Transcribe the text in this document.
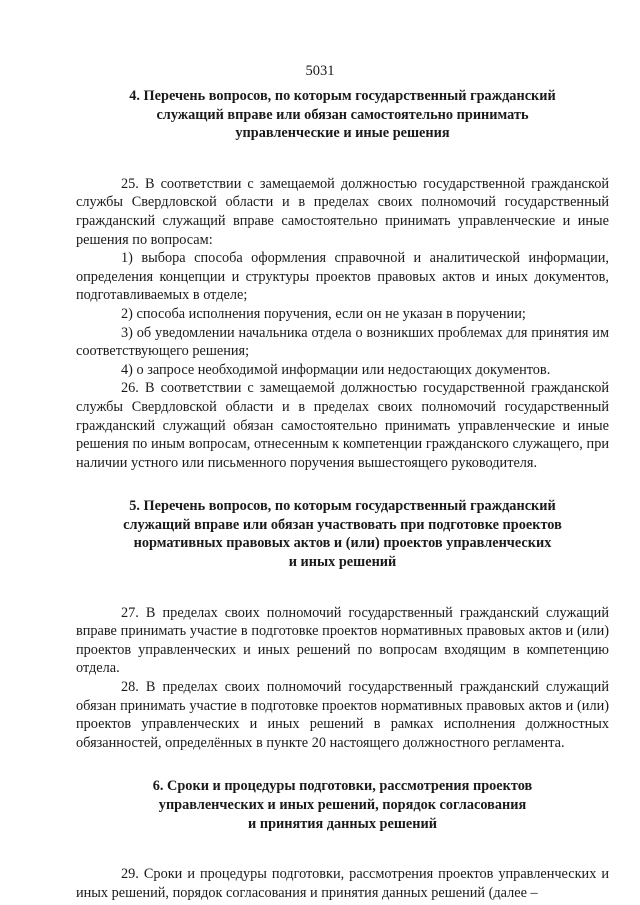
5031
4. Перечень вопросов, по которым государственный гражданский
служащий вправе или обязан самостоятельно принимать
управленческие и иные решения

25. В соответствии с замещаемой должностью государственной гражданской службы Свердловской области и в пределах своих полномочий государственный гражданский служащий вправе самостоятельно принимать управленческие и иные решения по вопросам:

1) выбора способа оформления справочной и аналитической информации, определения концепции и структуры проектов правовых актов и иных документов, подготавливаемых в отделе;

2) способа исполнения поручения, если он не указан в поручении;

3) об уведомлении начальника отдела о возникших проблемах для принятия им соответствующего решения;

4) о запросе необходимой информации или недостающих документов.

26. В соответствии с замещаемой должностью государственной гражданской службы Свердловской области и в пределах своих полномочий государственный гражданский служащий обязан самостоятельно принимать управленческие и иные решения по иным вопросам, отнесенным к компетенции гражданского служащего, при наличии устного или письменного поручения вышестоящего руководителя.

5. Перечень вопросов, по которым государственный гражданский
служащий вправе или обязан участвовать при подготовке проектов
нормативных правовых актов и (или) проектов управленческих
и иных решений

27. В пределах своих полномочий государственный гражданский служащий вправе принимать участие в подготовке проектов нормативных правовых актов и (или) проектов управленческих и иных решений по вопросам входящим в компетенцию отдела.

28. В пределах своих полномочий государственный гражданский служащий обязан принимать участие в подготовке проектов нормативных правовых актов и (или) проектов управленческих и иных решений в рамках исполнения должностных обязанностей, определённых в пункте 20 настоящего должностного регламента.

6. Сроки и процедуры подготовки, рассмотрения проектов
управленческих и иных решений, порядок согласования
и принятия данных решений

29. Сроки и процедуры подготовки, рассмотрения проектов управленческих и иных решений, порядок согласования и принятия данных решений (далее –
